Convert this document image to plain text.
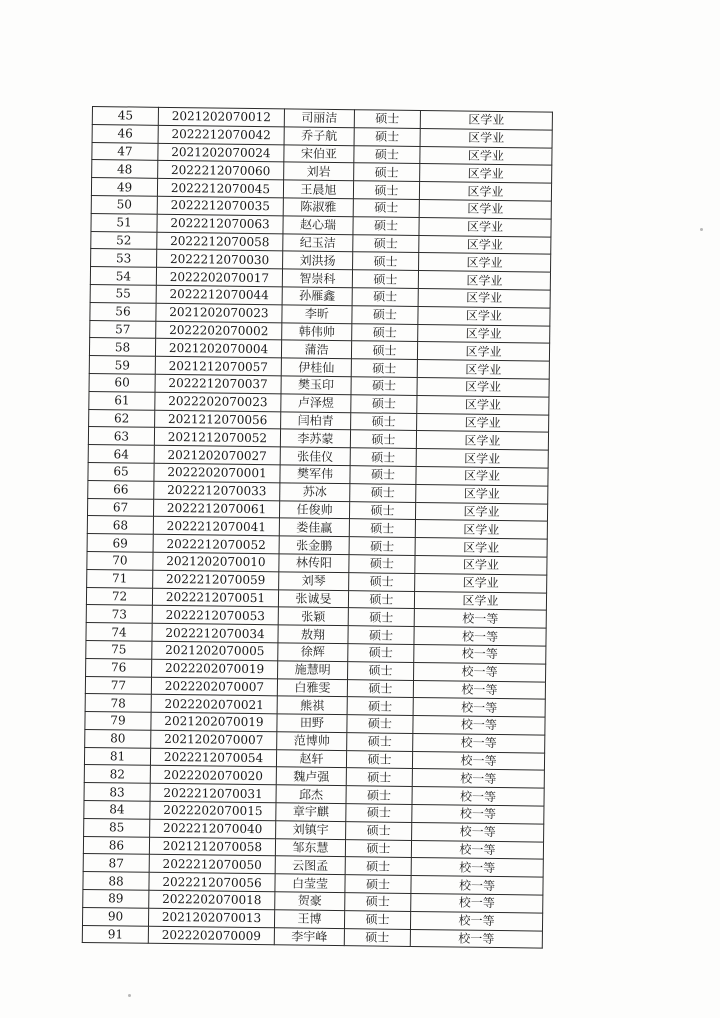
45	2021202070012	司丽洁	硕士	区学业
46	2022212070042	乔子航	硕士	区学业
47	2021202070024	宋伯亚	硕士	区学业
48	2022212070060	刘岩	硕士	区学业
49	2022212070045	王晨旭	硕士	区学业
50	2022212070035	陈淑雅	硕士	区学业
51	2022212070063	赵心瑞	硕士	区学业
52	2022212070058	纪玉洁	硕士	区学业
53	2022212070030	刘洪扬	硕士	区学业
54	2022202070017	智崇科	硕士	区学业
55	2022212070044	孙雁鑫	硕士	区学业
56	2021202070023	李昕	硕士	区学业
57	2022202070002	韩伟帅	硕士	区学业
58	2021202070004	蒲浩	硕士	区学业
59	2021212070057	伊桂仙	硕士	区学业
60	2022212070037	樊玉印	硕士	区学业
61	2022202070023	卢泽煜	硕士	区学业
62	2021212070056	闫柏青	硕士	区学业
63	2021212070052	李苏蒙	硕士	区学业
64	2021202070027	张佳仪	硕士	区学业
65	2022202070001	樊军伟	硕士	区学业
66	2022212070033	苏冰	硕士	区学业
67	2022212070061	任俊帅	硕士	区学业
68	2022212070041	娄佳赢	硕士	区学业
69	2022212070052	张金鹏	硕士	区学业
70	2021202070010	林传阳	硕士	区学业
71	2022212070059	刘琴	硕士	区学业
72	2022212070051	张诚旻	硕士	区学业
73	2022212070053	张颖	硕士	校一等
74	2022212070034	敖翔	硕士	校一等
75	2021202070005	徐辉	硕士	校一等
76	2022202070019	施慧明	硕士	校一等
77	2022202070007	白雅雯	硕士	校一等
78	2022202070021	熊祺	硕士	校一等
79	2021202070019	田野	硕士	校一等
80	2021202070007	范博帅	硕士	校一等
81	2022212070054	赵轩	硕士	校一等
82	2022202070020	魏卢强	硕士	校一等
83	2022212070031	邱杰	硕士	校一等
84	2022202070015	章宇麒	硕士	校一等
85	2022212070040	刘镇宇	硕士	校一等
86	2021212070058	邹东慧	硕士	校一等
87	2022212070050	云图孟	硕士	校一等
88	2022212070056	白莹莹	硕士	校一等
89	2022202070018	贺豪	硕士	校一等
90	2021202070013	王博	硕士	校一等
91	2022202070009	李宇峰	硕士	校一等
